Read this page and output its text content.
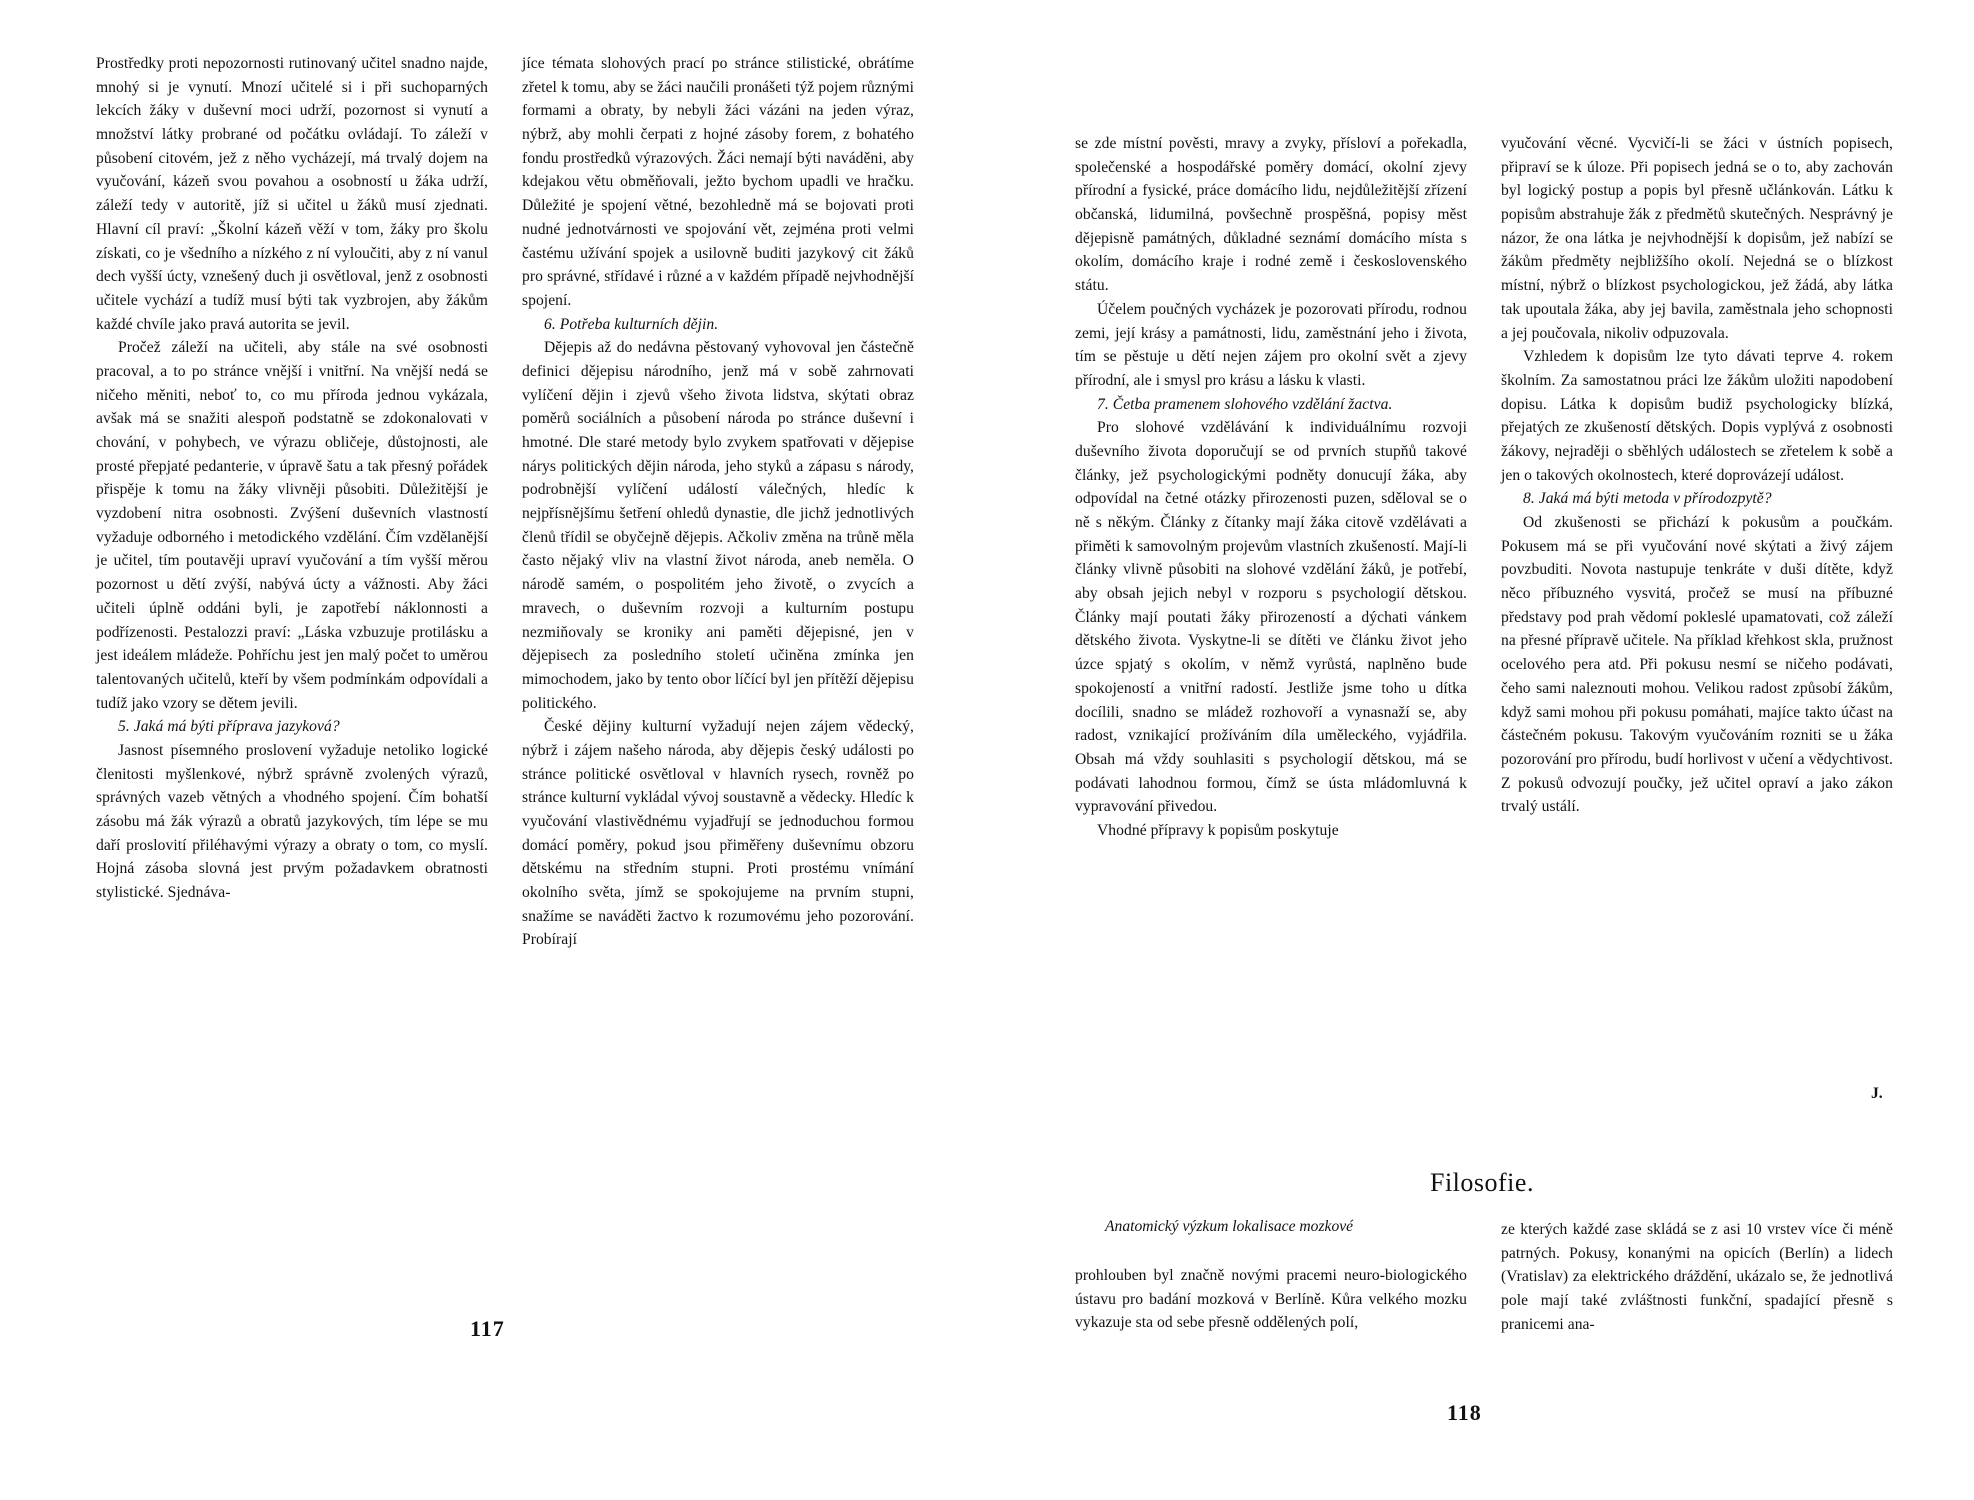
Prostředky proti nepozornosti rutinovaný učitel snadno najde, mnohý si je vynutí. Mnozí učitelé si i při suchoparných lekcích žáky v duševní moci udrží, pozornost si vynutí a množství látky probrané od počátku ovládají. To záleží v působení citovém, jež z něho vycházejí, má trvalý dojem na vyučování, kázeň svou povahou a osobností u žáka udrží, záleží tedy v autoritě, jíž si učitel u žáků musí zjednati. Hlavní cíl praví: „Školní kázeň věží v tom, žáky pro školu získati, co je všedního a nízkého z ní vyloučiti, aby z ní vanul dech vyšší úcty, vznešený duch ji osvětloval, jenž z osobnosti učitele vychází a tudíž musí býti tak vyzbrojen, aby žákům každé chvíle jako pravá autorita se jevil.

Pročež záleží na učiteli, aby stále na své osobnosti pracoval, a to po stránce vnější i vnitřní. Na vnější nedá se ničeho měniti, neboť to, co mu příroda jednou vykázala, avšak má se snažiti alespoň podstatně se zdokonalovati v chování, v pohybech, ve výrazu obličeje, důstojnosti, ale prosté přepjaté pedanterie, v úpravě šatu a tak přesný pořádek přispěje k tomu na žáky vlivněji působiti. Důležitější je vyzdobení nitra osobnosti. Zvýšení duševních vlastností vyžaduje odborného i metodického vzdělání. Čím vzdělanější je učitel, tím poutavěji upraví vyučování a tím vyšší měrou pozornost u dětí zvýší, nabývá úcty a vážnosti. Aby žáci učiteli úplně oddáni byli, je zapotřebí náklonnosti a podřízenosti. Pestalozzi praví: „Láska vzbuzuje protilásku a jest ideálem mládeže. Pohříchu jest jen malý počet to uměrou talentovaných učitelů, kteří by všem podmínkám odpovídali a tudíž jako vzory se dětem jevili.

5. Jaká má býti příprava jazyková?

Jasnost písemného proslovení vyžaduje netoliko logické členitosti myšlenkové, nýbrž správně zvolených výrazů, správných vazeb větných a vhodného spojení. Čím bohatší zásobu má žák výrazů a obratů jazykových, tím lépe se mu daří proslovití přiléhavými výrazy a obraty o tom, co myslí. Hojná zásoba slovná jest prvým požadavkem obratnosti stylistické. Sjednáva-

jíce témata slohových prací po stránce stilistické, obrátíme zřetel k tomu, aby se žáci naučili pronášeti týž pojem různými formami a obraty, by nebyli žáci vázáni na jeden výraz, nýbrž, aby mohli čerpati z hojné zásoby forem, z bohatého fondu prostředků výrazových. Žáci nemají býti naváděni, aby kdejakou větu obměňovali, ježto bychom upadli ve hračku. Důležité je spojení větné, bezohledně má se bojovati proti nudné jednotvárnosti ve spojování vět, zejména proti velmi častému užívání spojek a usilovně buditi jazykový cit žáků pro správné, střídavé i různé a v každém případě nejvhodnější spojení.

6. Potřeba kulturních dějin.

Dějepis až do nedávna pěstovaný vyhovoval jen částečně definici dějepisu národního, jenž má v sobě zahrnovati vylíčení dějin i zjevů všeho života lidstva, skýtati obraz poměrů sociálních a působení národa po stránce duševní i hmotné. Dle staré metody bylo zvykem spatřovati v dějepise nárys politických dějin národa, jeho styků a zápasu s národy, podrobnější vylíčení událostí válečných, hledíc k nejpřísnějšímu šetření ohledů dynastie, dle jichž jednotlivých členů třídil se obyčejně dějepis. Ačkoliv změna na trůně měla často nějaký vliv na vlastní život národa, aneb neměla. O národě samém, o pospolitém jeho životě, o zvycích a mravech, o duševním rozvoji a kulturním postupu nezmiňovaly se kroniky ani paměti dějepisné, jen v dějepisech za posledního století učiněna zmínka jen mimochodem, jako by tento obor líčící byl jen přítěží dějepisu politického.

České dějiny kulturní vyžadují nejen zájem vědecký, nýbrž i zájem našeho národa, aby dějepis český události po stránce politické osvětloval v hlavních rysech, rovněž po stránce kulturní vykládal vývoj soustavně a vědecky. Hledíc k vyučování vlastivědnému vyjadřují se jednoduchou formou domácí poměry, pokud jsou přiměřeny duševnímu obzoru dětskému na středním stupni. Proti prostému vnímání okolního světa, jímž se spokojujeme na prvním stupni, snažíme se naváděti žactvo k rozumovému jeho pozorování. Probírají

117

se zde místní pověsti, mravy a zvyky, přísloví a pořekadla, společenské a hospodářské poměry domácí, okolní zjevy přírodní a fysické, práce domácího lidu, nejdůležitější zřízení občanská, lidumilná, povšechně prospěšná, popisy měst dějepisně památných, důkladné seznámí domácího místa s okolím, domácího kraje i rodné země i československého státu.

Účelem poučných vycházek je pozorovati přírodu, rodnou zemi, její krásy a památnosti, lidu, zaměstnání jeho i života, tím se pěstuje u dětí nejen zájem pro okolní svět a zjevy přírodní, ale i smysl pro krásu a lásku k vlasti.

7. Četba pramenem slohového vzdělání žactva.

Pro slohové vzdělávání k individuálnímu rozvoji duševního života doporučují se od prvních stupňů takové články, jež psychologickými podněty donucují žáka, aby odpovídal na četné otázky přirozenosti puzen, sděloval se o ně s někým. Články z čítanky mají žáka citově vzdělávati a přiměti k samovolným projevům vlastních zkušeností. Mají-li články vlivně působiti na slohové vzdělání žáků, je potřebí, aby obsah jejich nebyl v rozporu s psychologií dětskou. Články mají poutati žáky přirozeností a dýchati vánkem dětského života. Vyskytne-li se dítěti ve článku život jeho úzce spjatý s okolím, v němž vyrůstá, naplněno bude spokojeností a vnitřní radostí. Jestliže jsme toho u dítka docílili, snadno se mládež rozhovoří a vynasnaží se, aby radost, vznikající prožíváním díla uměleckého, vyjádřila. Obsah má vždy souhlasiti s psychologií dětskou, má se podávati lahodnou formou, čímž se ústa mládomluvná k vypravování přivedou.

Vhodné přípravy k popisům poskytuje

vyučování věcné. Vycvičí-li se žáci v ústních popisech, připraví se k úloze. Při popisech jedná se o to, aby zachován byl logický postup a popis byl přesně učlánkován. Látku k popisům abstrahuje žák z předmětů skutečných. Nesprávný je názor, že ona látka je nejvhodnější k dopisům, jež nabízí se žákům předměty nejbližšího okolí. Nejedná se o blízkost místní, nýbrž o blízkost psychologickou, jež žádá, aby látka tak upoutala žáka, aby jej bavila, zaměstnala jeho schopnosti a jej poučovala, nikoliv odpuzovala.

Vzhledem k dopisům lze tyto dávati teprve 4. rokem školním. Za samostatnou práci lze žákům uložiti napodobení dopisu. Látka k dopisům budiž psychologicky blízká, přejatých ze zkušeností dětských. Dopis vyplývá z osobnosti žákovy, nejraději o sběhlých událostech se zřetelem k sobě a jen o takových okolnostech, které doprovázejí událost.

8. Jaká má býti metoda v přírodozpytě?

Od zkušenosti se přichází k pokusům a poučkám. Pokusem má se při vyučování nové skýtati a živý zájem povzbuditi. Novota nastupuje tenkráte v duši dítěte, když něco příbuzného vysvitá, pročež se musí na příbuzné představy pod prah vědomí pokleslé upamatovati, což záleží na přesné přípravě učitele. Na příklad křehkost skla, pružnost ocelového pera atd. Při pokusu nesmí se ničeho podávati, čeho sami naleznouti mohou. Velikou radost způsobí žákům, když sami mohou při pokusu pomáhati, majíce takto účast na částečném pokusu. Takovým vyučováním rozniti se u žáka pozorování pro přírodu, budí horlivost v učení a vědychtivost. Z pokusů odvozují poučky, jež učitel opraví a jako zákon trvalý ustálí.

J.
Filosofie.
Anatomický výzkum lokalisace mozkové

prohlouben byl značně novými pracemi neuro-biologického ústavu pro badání mozková v Berlíně. Kůra velkého mozku vykazuje sta od sebe přesně oddělených polí,

ze kterých každé zase skládá se z asi 10 vrstev více či méně patrných. Pokusy, konanými na opicích (Berlín) a lidech (Vratislav) za elektrického dráždění, ukázalo se, že jednotlivá pole mají také zvláštnosti funkční, spadající přesně s pranicemi ana-

118
